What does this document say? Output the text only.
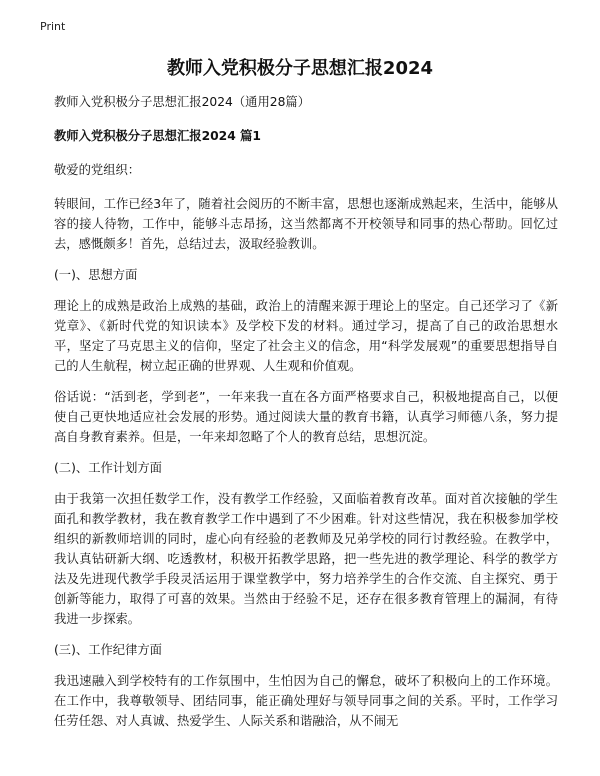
Print
教师入党积极分子思想汇报2024

教师入党积极分子思想汇报2024（通用28篇）

教师入党积极分子思想汇报2024 篇1

敬爱的党组织：

转眼间，工作已经3年了，随着社会阅历的不断丰富，思想也逐渐成熟起来，生活中，能够从容的接人待物，工作中，能够斗志昂扬，这当然都离不开校领导和同事的热心帮助。回忆过去，感慨颇多！首先，总结过去，汲取经验教训。

(一)、思想方面

理论上的成熟是政治上成熟的基础，政治上的清醒来源于理论上的坚定。自己还学习了《新党章》、《新时代党的知识读本》及学校下发的材料。通过学习，提高了自己的政治思想水平，坚定了马克思主义的信仰，坚定了社会主义的信念，用“科学发展观”的重要思想指导自己的人生航程，树立起正确的世界观、人生观和价值观。

俗话说：“活到老，学到老”，一年来我一直在各方面严格要求自己，积极地提高自己，以便使自己更快地适应社会发展的形势。通过阅读大量的教育书籍，认真学习师德八条，努力提高自身教育素养。但是，一年来却忽略了个人的教育总结，思想沉淀。

(二)、工作计划方面

由于我第一次担任数学工作，没有教学工作经验，又面临着教育改革。面对首次接触的学生面孔和教学教材，我在教育教学工作中遇到了不少困难。针对这些情况，我在积极参加学校组织的新教师培训的同时，虚心向有经验的老教师及兄弟学校的同行讨教经验。在教学中，我认真钻研新大纲、吃透教材，积极开拓教学思路，把一些先进的教学理论、科学的教学方法及先进现代教学手段灵活运用于课堂教学中，努力培养学生的合作交流、自主探究、勇于创新等能力，取得了可喜的效果。当然由于经验不足，还存在很多教育管理上的漏洞，有待我进一步探索。

(三)、工作纪律方面

我迅速融入到学校特有的工作氛围中，生怕因为自己的懈怠，破坏了积极向上的工作环境。在工作中，我尊敬领导、团结同事，能正确处理好与领导同事之间的关系。平时，工作学习任劳任怨、对人真诚、热爱学生、人际关系和谐融洽，从不闹无
